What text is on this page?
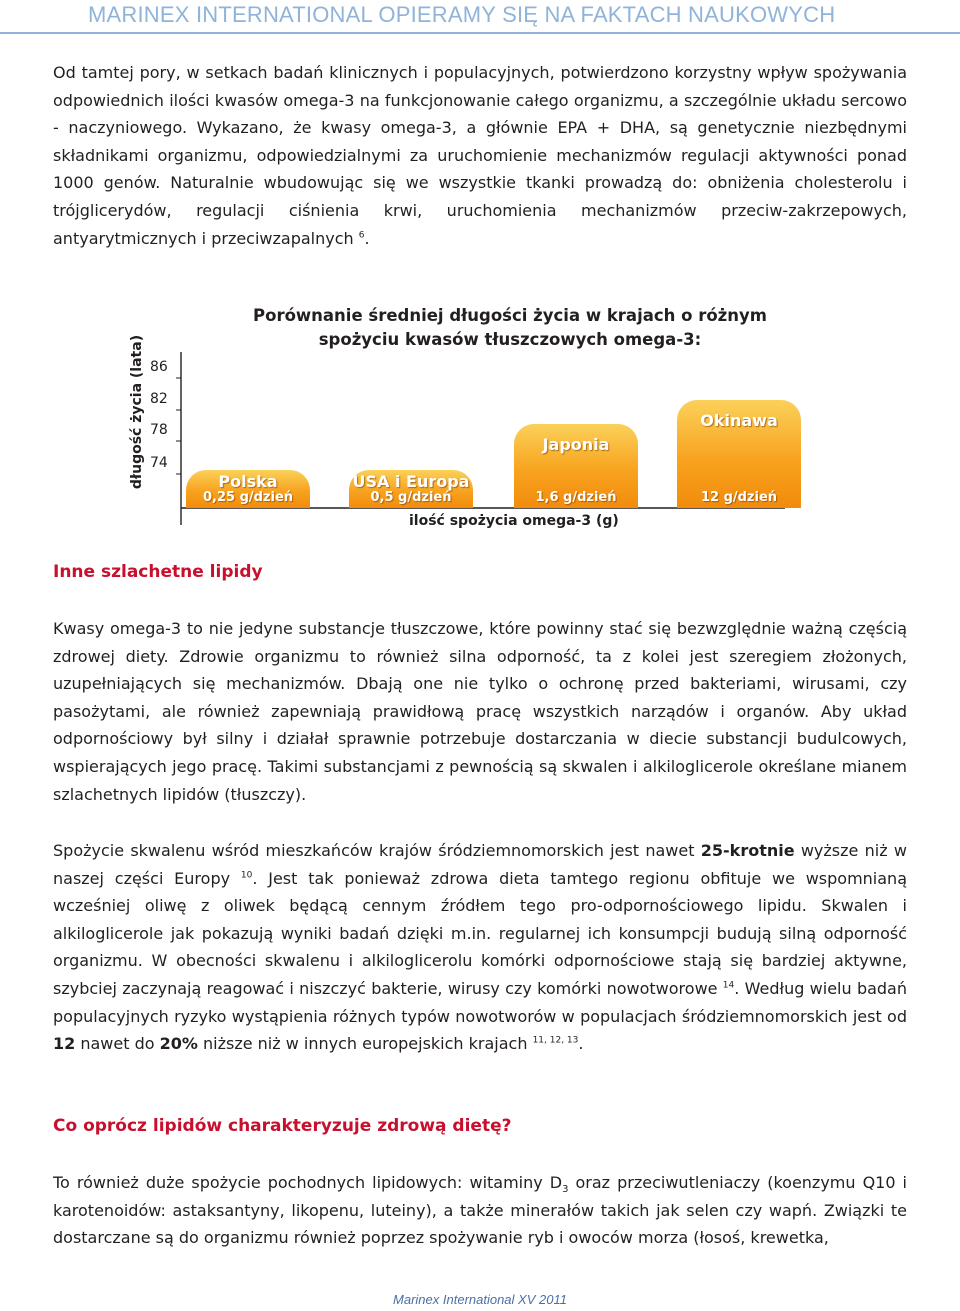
MARINEX INTERNATIONAL OPIERAMY SIĘ NA FAKTACH NAUKOWYCH

Od tamtej pory, w setkach badań klinicznych i populacyjnych, potwierdzono korzystny wpływ spożywania odpowiednich ilości kwasów omega-3 na funkcjonowanie całego organizmu, a szczególnie układu sercowo - naczyniowego. Wykazano, że kwasy omega-3, a głównie EPA + DHA, są genetycznie niezbędnymi składnikami organizmu, odpowiedzialnymi za uruchomienie mechanizmów regulacji aktywności ponad 1000 genów. Naturalnie wbudowując się we wszystkie tkanki prowadzą do: obniżenia cholesterolu i trójglicerydów, regulacji ciśnienia krwi, uruchomienia mechanizmów przeciw-zakrzepowych, antyarytmicznych i przeciwzapalnych $^6$.

Porównanie średniej długości życia w krajach o różnym spożyciu kwasów tłuszczowych omega-3:
długość życia (lata) 86
82
78
74
Polska
0,25 g/dzień
USA i Europa
0,5 g/dzień
Japonia
1,6 g/dzień
Okinawa
12 g/dzień
ilość spożycia omega-3 (g)
Inne szlachetne lipidy

Kwasy omega-3 to nie jedyne substancje tłuszczowe, które powinny stać się bezwzględnie ważną częścią zdrowej diety. Zdrowie organizmu to również silna odporność, ta z kolei jest szeregiem złożonych, uzupełniających się mechanizmów. Dbają one nie tylko o ochronę przed bakteriami, wirusami, czy pasożytami, ale również zapewniają prawidłową pracę wszystkich narządów i organów. Aby układ odpornościowy był silny i działał sprawnie potrzebuje dostarczania w diecie substancji budulcowych, wspierających jego pracę. Takimi substancjami z pewnością są skwalen i alkiloglicerole określane mianem szlachetnych lipidów (tłuszczy).

Spożycie skwalenu wśród mieszkańców krajów śródziemnomorskich jest nawet 25-krotnie wyższe niż w naszej części Europy $^{10}$. Jest tak ponieważ zdrowa dieta tamtego regionu obfituje we wspomnianą wcześniej oliwę z oliwek będącą cennym źródłem tego pro-odpornościowego lipidu. Skwalen i alkiloglicerole jak pokazują wyniki badań dzięki m.in. regularnej ich konsumpcji budują silną odporność organizmu. W obecności skwalenu i alkiloglicerolu komórki odpornościowe stają się bardziej aktywne, szybciej zaczynają reagować i niszczyć bakterie, wirusy czy komórki nowotworowe $^{14}$. Według wielu badań populacyjnych ryzyko wystąpienia różnych typów nowotworów w populacjach śródziemnomorskich jest od 12 nawet do 20% niższe niż w innych europejskich krajach $^{11, 12, 13}$.

Co oprócz lipidów charakteryzuje zdrową dietę?

To również duże spożycie pochodnych lipidowych: witaminy $D_3$ oraz przeciwutleniaczy (koenzymu Q10 i karotenoidów: astaksantyny, likopenu, luteiny), a także minerałów takich jak selen czy wapń. Związki te dostarczane są do organizmu również poprzez spożywanie ryb i owoców morza (łosoś, krewetka,

Marinex International XV 2011
